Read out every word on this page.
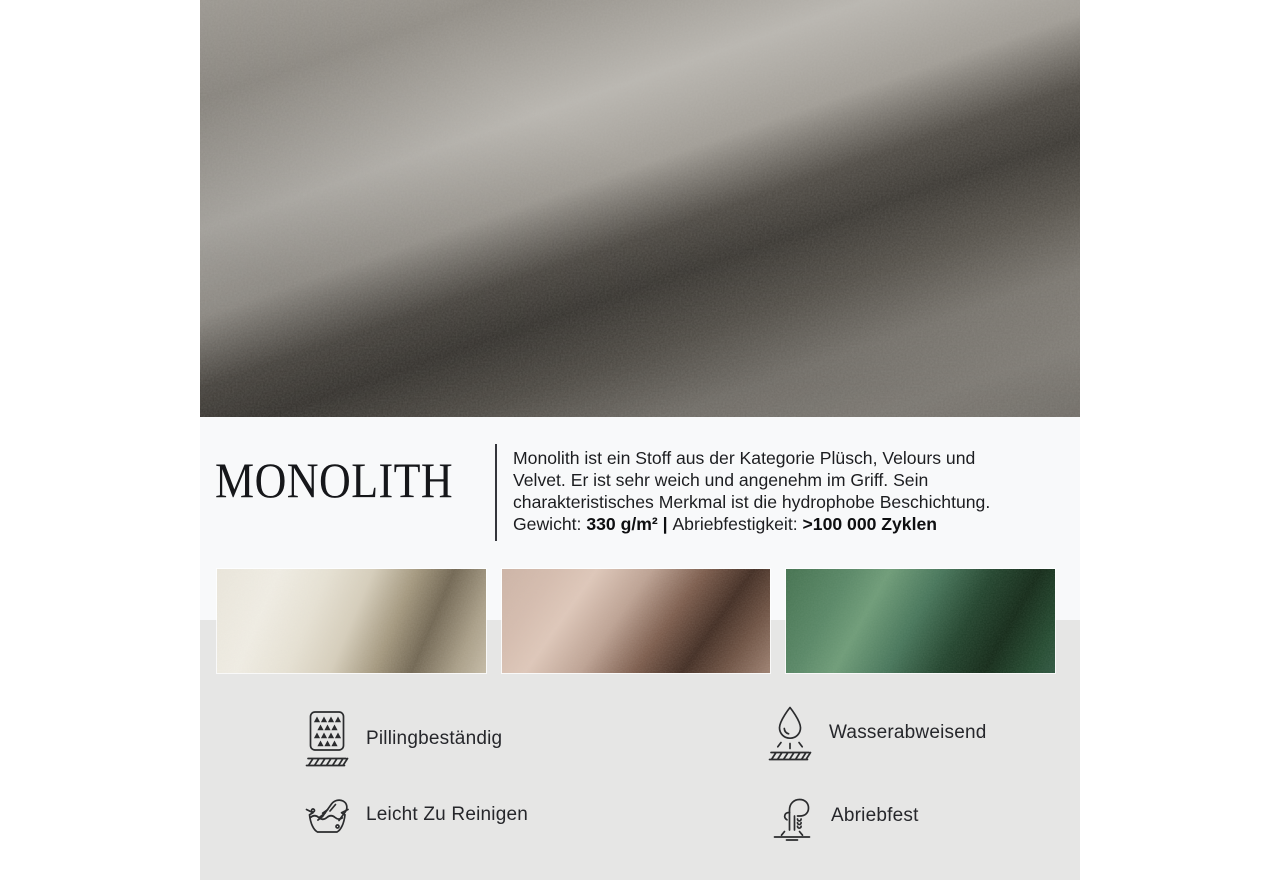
MONOLITH	Monolith ist ein Stoff aus der Kategorie Plüsch, Velours und
Velvet. Er ist sehr weich und angenehm im Griff. Sein
charakteristisches Merkmal ist die hydrophobe Beschichtung.
Gewicht: 330 g/m² | Abriebfestigkeit: >100 000 Zyklen
Pillingbeständig
Leicht Zu Reinigen
Wasserabweisend
Abriebfest
